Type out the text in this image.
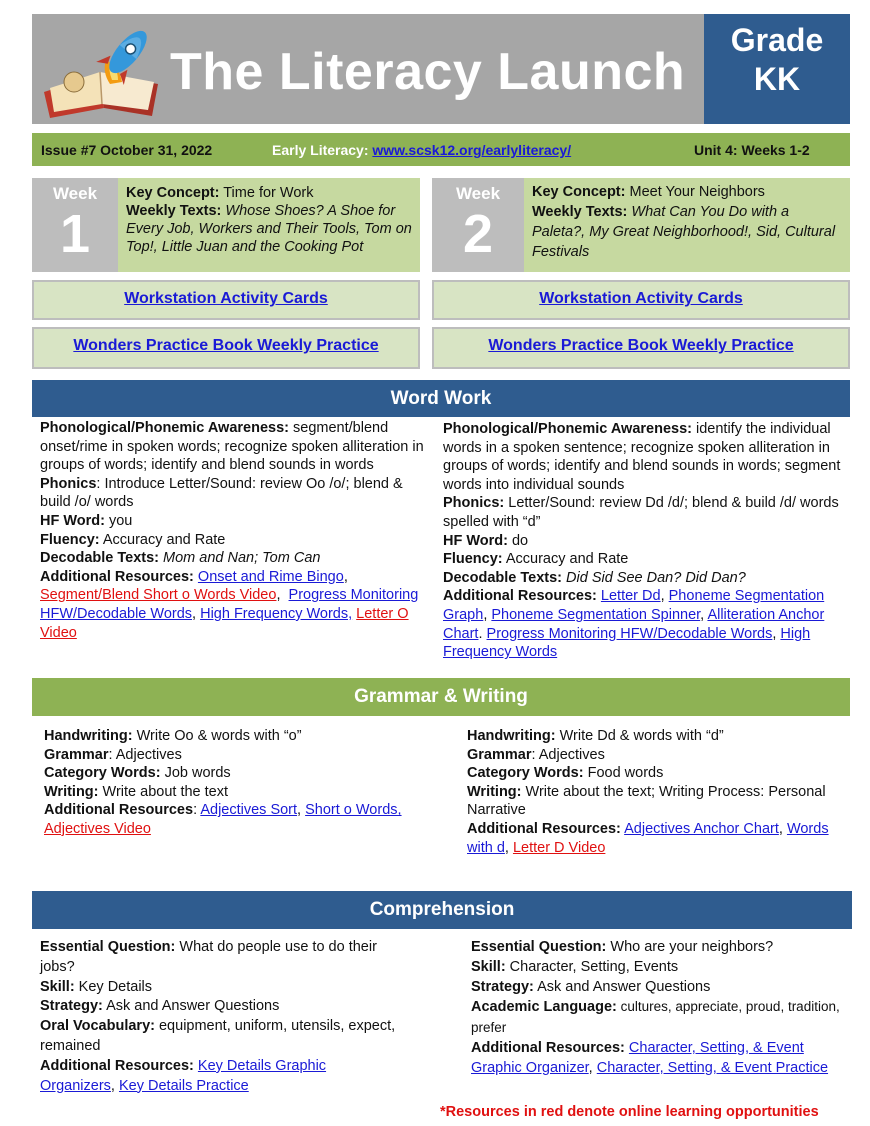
The Literacy Launch
Grade
KK
Issue #7 October 31, 2022	Early Literacy: www.scsk12.org/earlyliteracy/	Unit 4: Weeks 1-2
Week
1
Key Concept: Time for Work
Weekly Texts: Whose Shoes? A Shoe for Every Job, Workers and Their Tools, Tom on Top!, Little Juan and the Cooking Pot
Week
2
Key Concept: Meet Your Neighbors
Weekly Texts: What Can You Do with a Paleta?, My Great Neighborhood!, Sid, Cultural Festivals
Workstation Activity Cards	Workstation Activity Cards
Wonders Practice Book Weekly Practice	Wonders Practice Book Weekly Practice
Word Work

Phonological/Phonemic Awareness: segment/blend onset/rime in spoken words; recognize spoken alliteration in groups of words; identify and blend sounds in words

Phonics: Introduce Letter/Sound: review Oo /o/; blend & build /o/ words

HF Word: you

Fluency: Accuracy and Rate

Decodable Texts: Mom and Nan; Tom Can

Additional Resources: Onset and Rime Bingo, Segment/Blend Short o Words Video,  Progress Monitoring HFW/Decodable Words, High Frequency Words, Letter O Video

Phonological/Phonemic Awareness: identify the individual words in a spoken sentence; recognize spoken alliteration in groups of words; identify and blend sounds in words; segment words into individual sounds

Phonics: Letter/Sound: review Dd /d/; blend & build /d/ words spelled with “d”

HF Word: do

Fluency: Accuracy and Rate

Decodable Texts: Did Sid See Dan? Did Dan?

Additional Resources: Letter Dd, Phoneme Segmentation Graph, Phoneme Segmentation Spinner, Alliteration Anchor Chart. Progress Monitoring HFW/Decodable Words, High Frequency Words

Grammar & Writing

Handwriting: Write Oo & words with “o”

Grammar: Adjectives

Category Words: Job words

Writing: Write about the text

Additional Resources: Adjectives Sort, Short o Words, Adjectives Video

Handwriting: Write Dd & words with “d”

Grammar: Adjectives

Category Words: Food words

Writing: Write about the text; Writing Process: Personal Narrative

Additional Resources: Adjectives Anchor Chart, Words with d, Letter D Video

Comprehension

Essential Question: What do people use to do their jobs?

Skill: Key Details

Strategy: Ask and Answer Questions

Oral Vocabulary: equipment, uniform, utensils, expect, remained

Additional Resources: Key Details Graphic Organizers, Key Details Practice

Essential Question: Who are your neighbors?

Skill: Character, Setting, Events

Strategy: Ask and Answer Questions

Academic Language: cultures, appreciate, proud, tradition, prefer

Additional Resources: Character, Setting, & Event Graphic Organizer, Character, Setting, & Event Practice

*Resources in red denote online learning opportunities
